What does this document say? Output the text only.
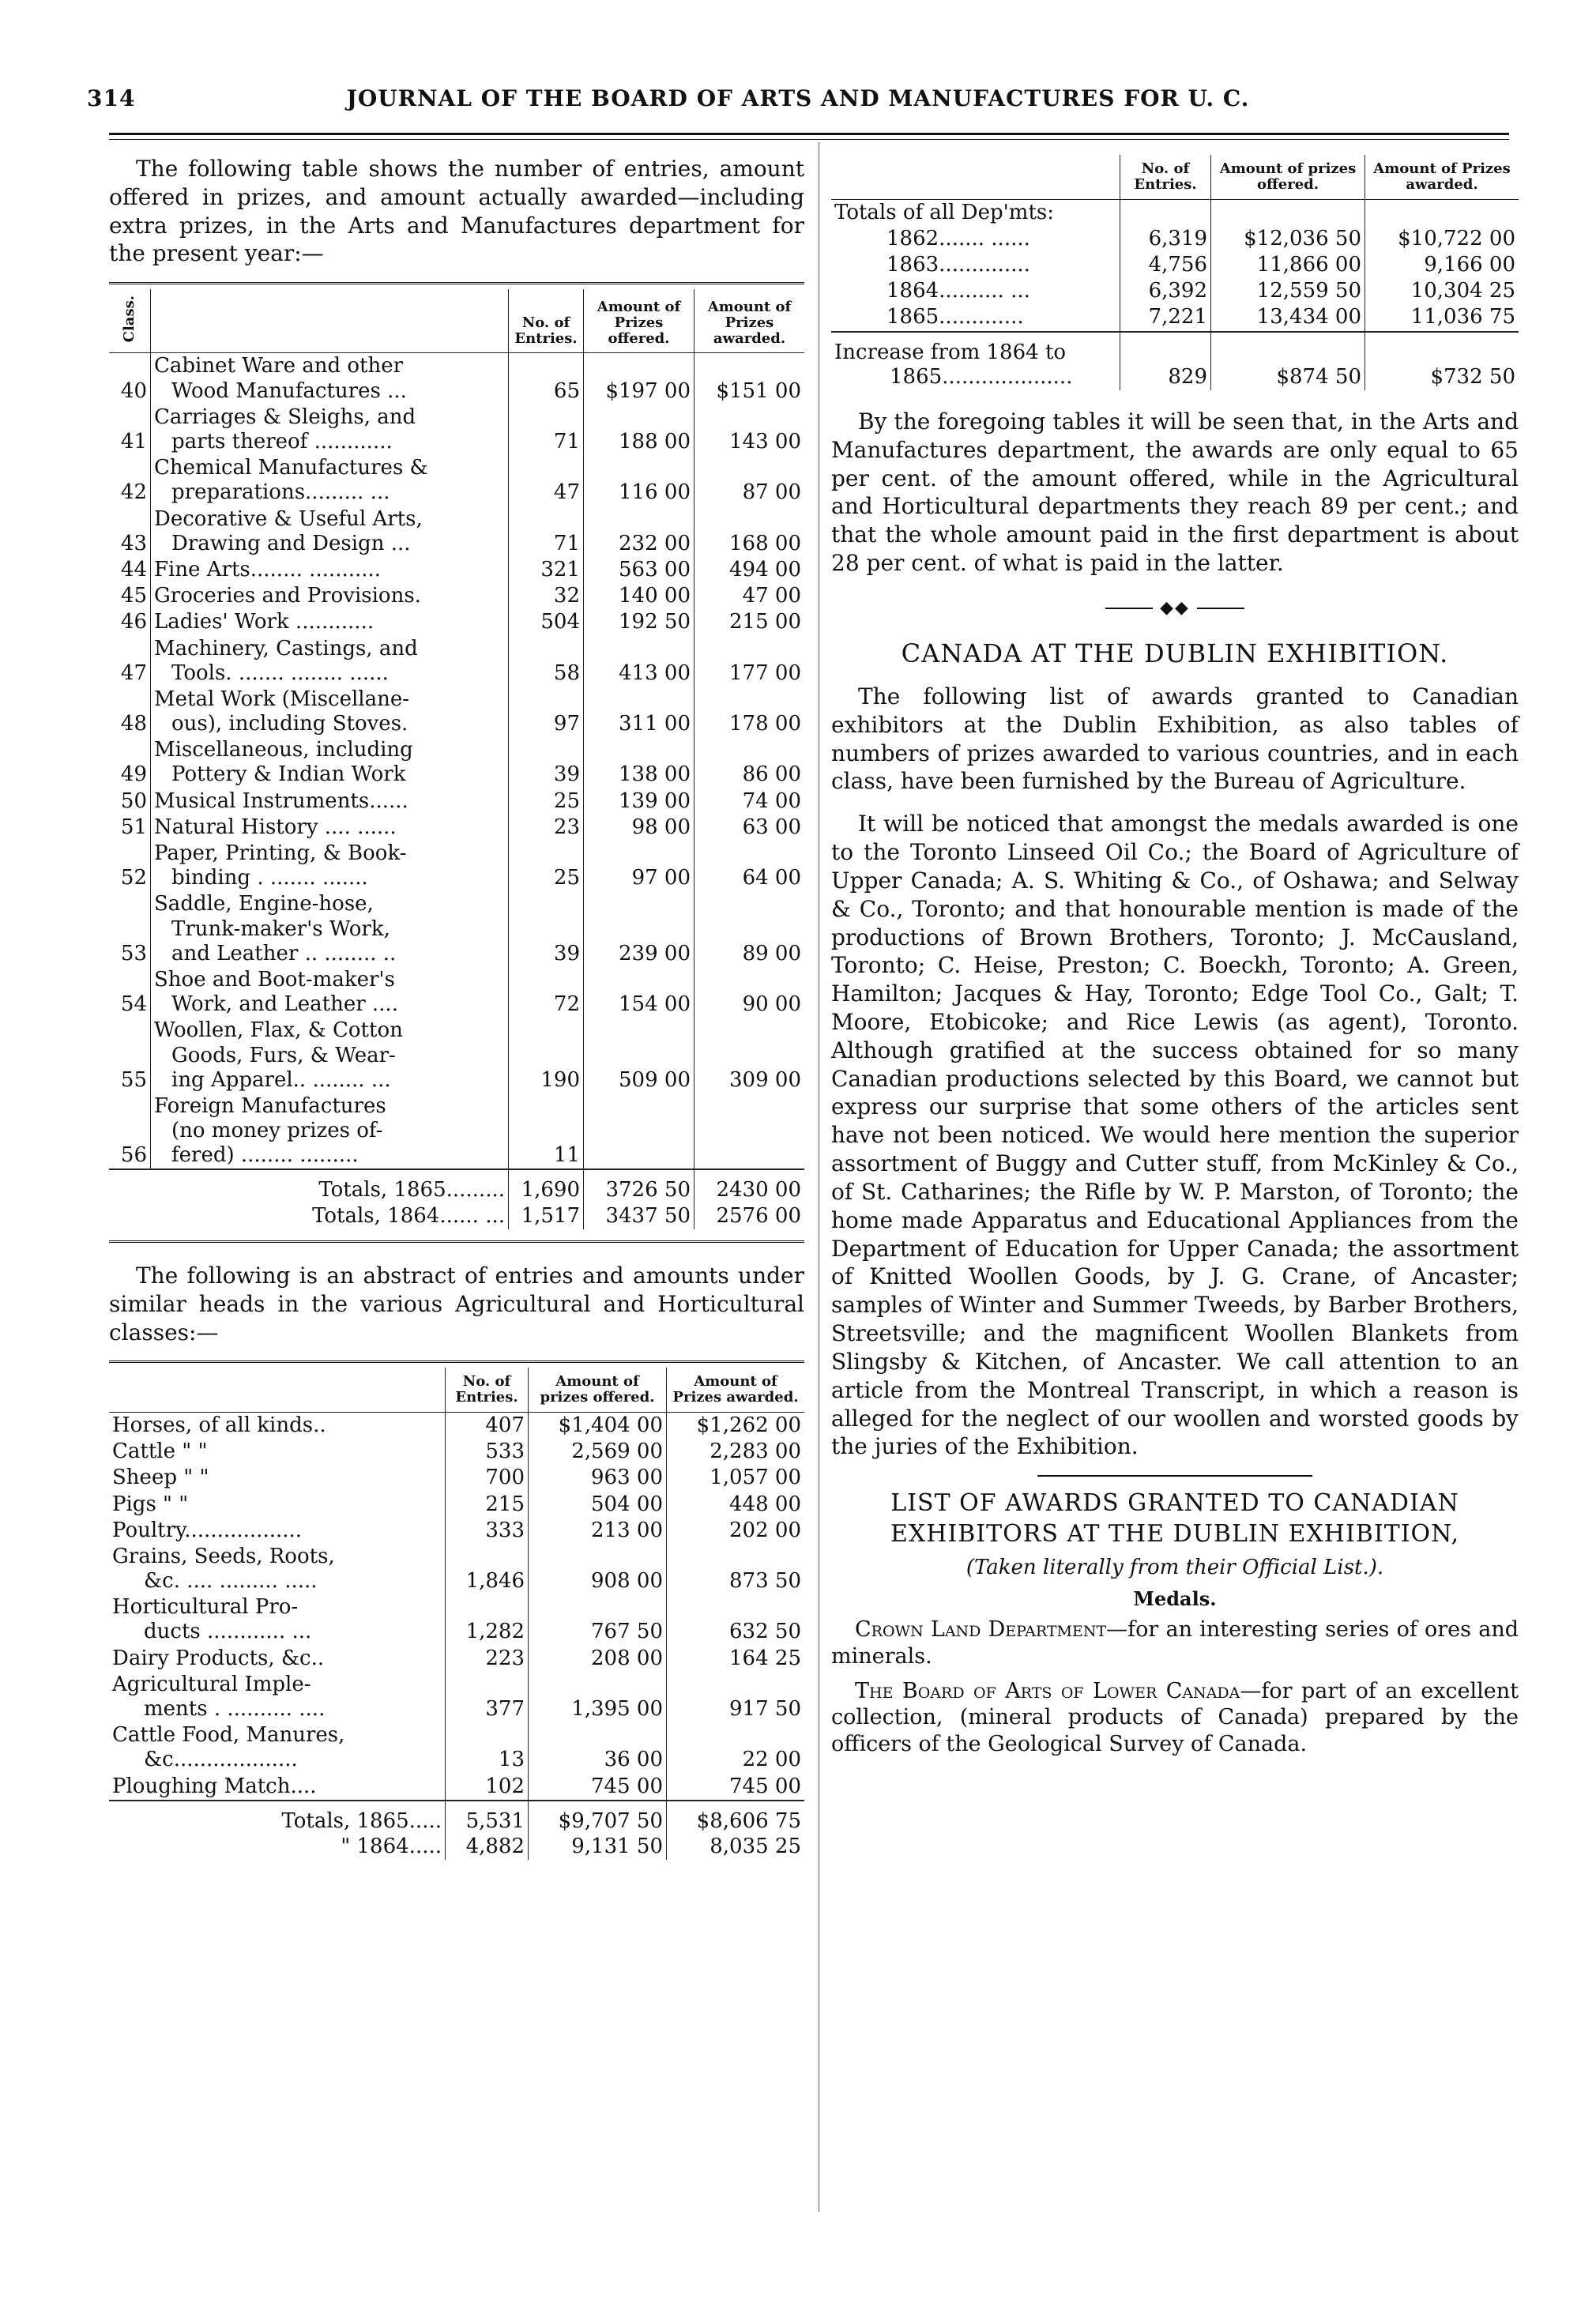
314	JOURNAL OF THE BOARD OF ARTS AND MANUFACTURES FOR U. C.

The following table shows the number of entries, amount offered in prizes, and amount actually awarded—including extra prizes, in the Arts and Manufactures department for the present year:—

Class.		No. of Entries.	Amount of Prizes offered.	Amount of Prizes awarded.
40	Cabinet Ware and other
Wood Manufactures ...	65	$197 00	$151 00
41	Carriages & Sleighs, and
parts thereof ............	71	188 00	143 00
42	Chemical Manufactures &
preparations......... ...	47	116 00	87 00
43	Decorative & Useful Arts,
Drawing and Design ...	71	232 00	168 00
44	Fine Arts........ ...........	321	563 00	494 00
45	Groceries and Provisions.	32	140 00	47 00
46	Ladies' Work ............	504	192 50	215 00
47	Machinery, Castings, and
Tools. ....... ........ ......	58	413 00	177 00
48	Metal Work (Miscellane-
ous), including Stoves.	97	311 00	178 00
49	Miscellaneous, including
Pottery & Indian Work	39	138 00	86 00
50	Musical Instruments......	25	139 00	74 00
51	Natural History .... ......	23	98 00	63 00
52	Paper, Printing, & Book-
binding . ....... .......	25	97 00	64 00
53	Saddle, Engine-hose,
Trunk-maker's Work,
and Leather .. ........ ..	39	239 00	89 00
54	Shoe and Boot-maker's
Work, and Leather ....	72	154 00	90 00
55	Woollen, Flax, & Cotton
Goods, Furs, & Wear-
ing Apparel.. ........ ...	190	509 00	309 00
56	Foreign Manufactures
(no money prizes of-
fered) ........ .........	11		
	Totals, 1865.........	1,690	3726 50	2430 00
	Totals, 1864...... ...	1,517	3437 50	2576 00

The following is an abstract of entries and amounts under similar heads in the various Agricultural and Horticultural classes:—

	No. of Entries.	Amount of prizes offered.	Amount of Prizes awarded.

Horses, of all kinds..	407	$1,404 00	$1,262 00

Cattle " "	533	2,569 00	2,283 00

Sheep " "	700	963 00	1,057 00

Pigs " "	215	504 00	448 00

Poultry..................	333	213 00	202 00

Grains, Seeds, Roots,
&c. .... ......... .....	1,846	908 00	873 50

Horticultural Pro-
ducts ............ ...	1,282	767 50	632 50

Dairy Products, &c..	223	208 00	164 25

Agricultural Imple-
ments . .......... ....	377	1,395 00	917 50

Cattle Food, Manures,
&c...................	13	36 00	22 00

Ploughing Match....	102	745 00	745 00
Totals, 1865.....	5,531	$9,707 50	$8,606 75
" 1864.....	4,882	9,131 50	8,035 25
	No. of Entries.	Amount of prizes offered.	Amount of Prizes awarded.
Totals of all Dep'mts:			
1862....... ......	6,319	$12,036 50	$10,722 00
1863..............	4,756	11,866 00	9,166 00
1864.......... ...	6,392	12,559 50	10,304 25
1865.............	7,221	13,434 00	11,036 75

Increase from 1864 to
1865....................	829	$874 50	$732 50

By the foregoing tables it will be seen that, in the Arts and Manufactures department, the awards are only equal to 65 per cent. of the amount offered, while in the Agricultural and Horticultural departments they reach 89 per cent.; and that the whole amount paid in the first department is about 28 per cent. of what is paid in the latter.

◆◆
CANADA AT THE DUBLIN EXHIBITION.

The following list of awards granted to Canadian exhibitors at the Dublin Exhibition, as also tables of numbers of prizes awarded to various countries, and in each class, have been furnished by the Bureau of Agriculture.

It will be noticed that amongst the medals awarded is one to the Toronto Linseed Oil Co.; the Board of Agriculture of Upper Canada; A. S. Whiting & Co., of Oshawa; and Selway & Co., Toronto; and that honourable mention is made of the productions of Brown Brothers, Toronto; J. McCausland, Toronto; C. Heise, Preston; C. Boeckh, Toronto; A. Green, Hamilton; Jacques & Hay, Toronto; Edge Tool Co., Galt; T. Moore, Etobicoke; and Rice Lewis (as agent), Toronto. Although gratified at the success obtained for so many Canadian productions selected by this Board, we cannot but express our surprise that some others of the articles sent have not been noticed. We would here mention the superior assortment of Buggy and Cutter stuff, from McKinley & Co., of St. Catharines; the Rifle by W. P. Marston, of Toronto; the home made Apparatus and Educational Appliances from the Department of Education for Upper Canada; the assortment of Knitted Woollen Goods, by J. G. Crane, of Ancaster; samples of Winter and Summer Tweeds, by Barber Brothers, Streetsville; and the magnificent Woollen Blankets from Slingsby & Kitchen, of Ancaster. We call attention to an article from the Montreal Transcript, in which a reason is alleged for the neglect of our woollen and worsted goods by the juries of the Exhibition.

LIST OF AWARDS GRANTED TO CANADIAN EXHIBITORS AT THE DUBLIN EXHIBITION,
(Taken literally from their Official List.).
Medals.

Crown Land Department—for an interesting series of ores and minerals.

The Board of Arts of Lower Canada—for part of an excellent collection, (mineral products of Canada) prepared by the officers of the Geological Survey of Canada.
